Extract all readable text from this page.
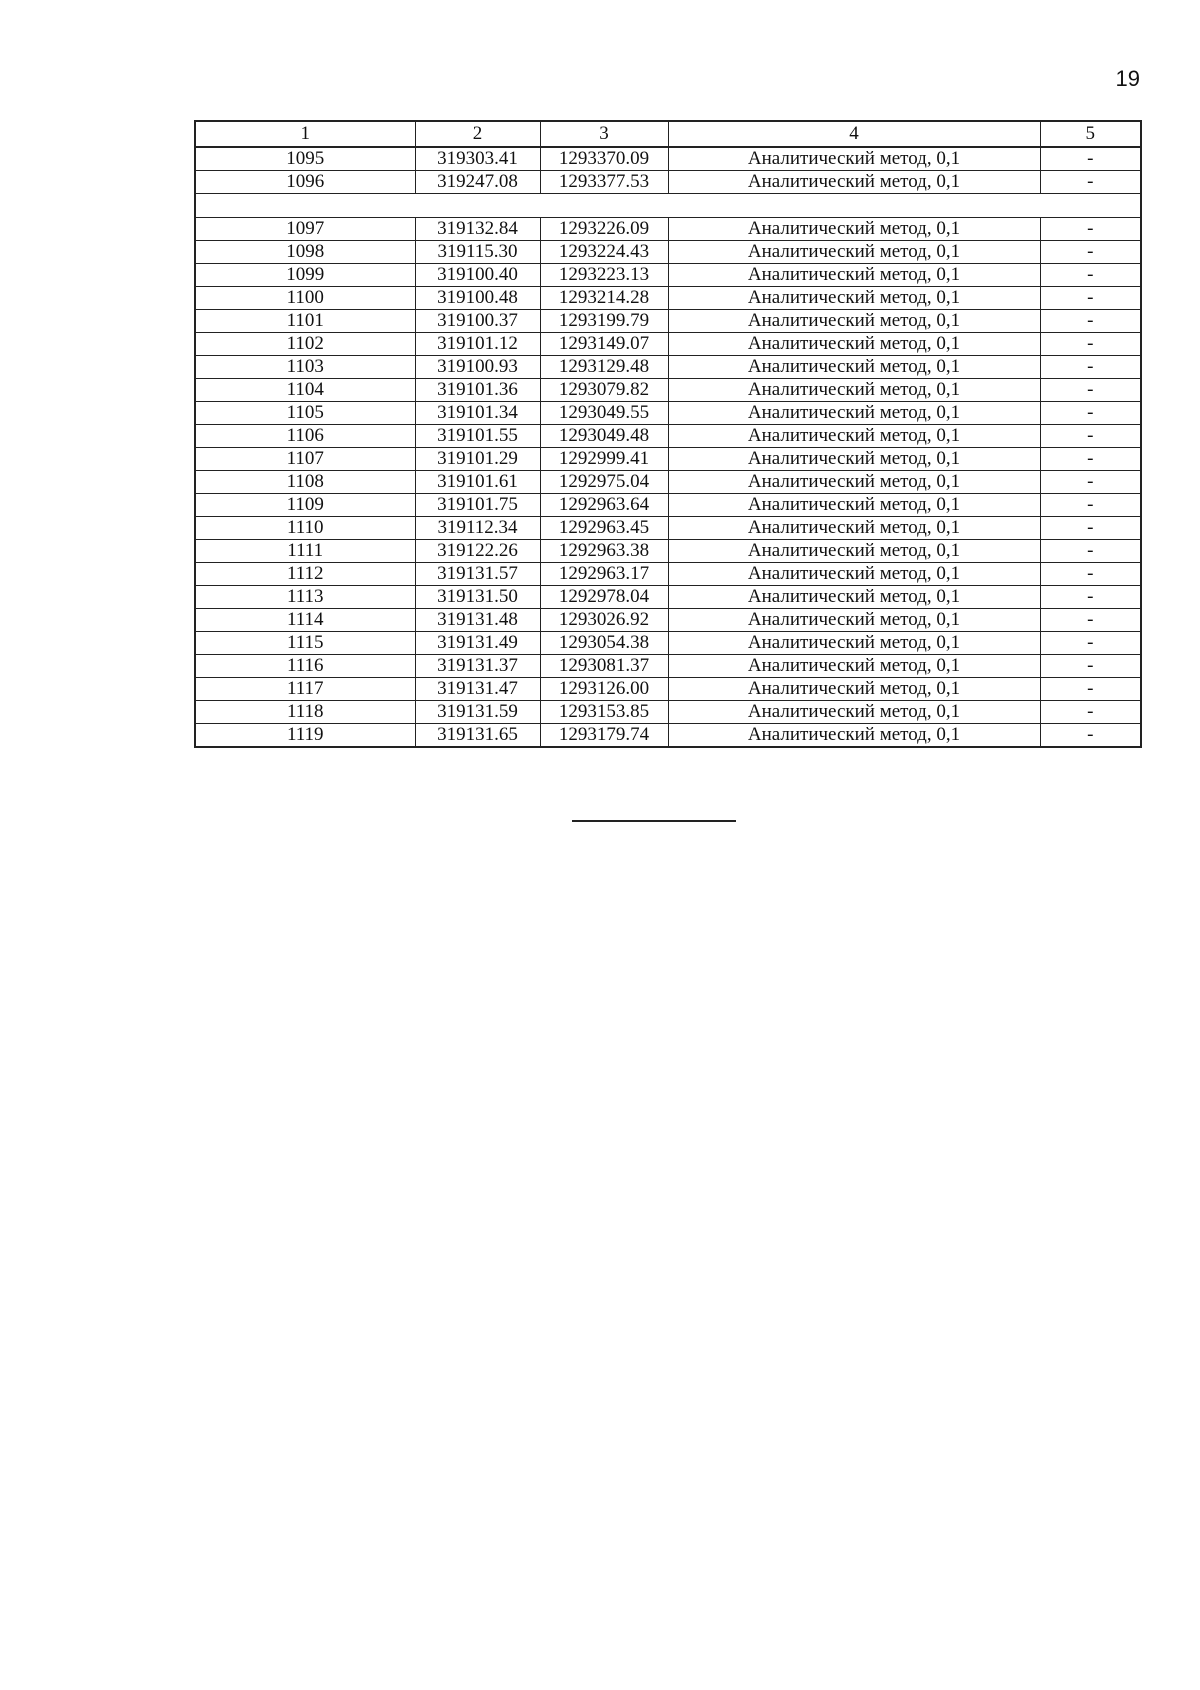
19
1	2	3	4	5
1095	319303.41	1293370.09	Аналитический метод, 0,1	-
1096	319247.08	1293377.53	Аналитический метод, 0,1	-

1097	319132.84	1293226.09	Аналитический метод, 0,1	-
1098	319115.30	1293224.43	Аналитический метод, 0,1	-
1099	319100.40	1293223.13	Аналитический метод, 0,1	-
1100	319100.48	1293214.28	Аналитический метод, 0,1	-
1101	319100.37	1293199.79	Аналитический метод, 0,1	-
1102	319101.12	1293149.07	Аналитический метод, 0,1	-
1103	319100.93	1293129.48	Аналитический метод, 0,1	-
1104	319101.36	1293079.82	Аналитический метод, 0,1	-
1105	319101.34	1293049.55	Аналитический метод, 0,1	-
1106	319101.55	1293049.48	Аналитический метод, 0,1	-
1107	319101.29	1292999.41	Аналитический метод, 0,1	-
1108	319101.61	1292975.04	Аналитический метод, 0,1	-
1109	319101.75	1292963.64	Аналитический метод, 0,1	-
1110	319112.34	1292963.45	Аналитический метод, 0,1	-
1111	319122.26	1292963.38	Аналитический метод, 0,1	-
1112	319131.57	1292963.17	Аналитический метод, 0,1	-
1113	319131.50	1292978.04	Аналитический метод, 0,1	-
1114	319131.48	1293026.92	Аналитический метод, 0,1	-
1115	319131.49	1293054.38	Аналитический метод, 0,1	-
1116	319131.37	1293081.37	Аналитический метод, 0,1	-
1117	319131.47	1293126.00	Аналитический метод, 0,1	-
1118	319131.59	1293153.85	Аналитический метод, 0,1	-
1119	319131.65	1293179.74	Аналитический метод, 0,1	-
